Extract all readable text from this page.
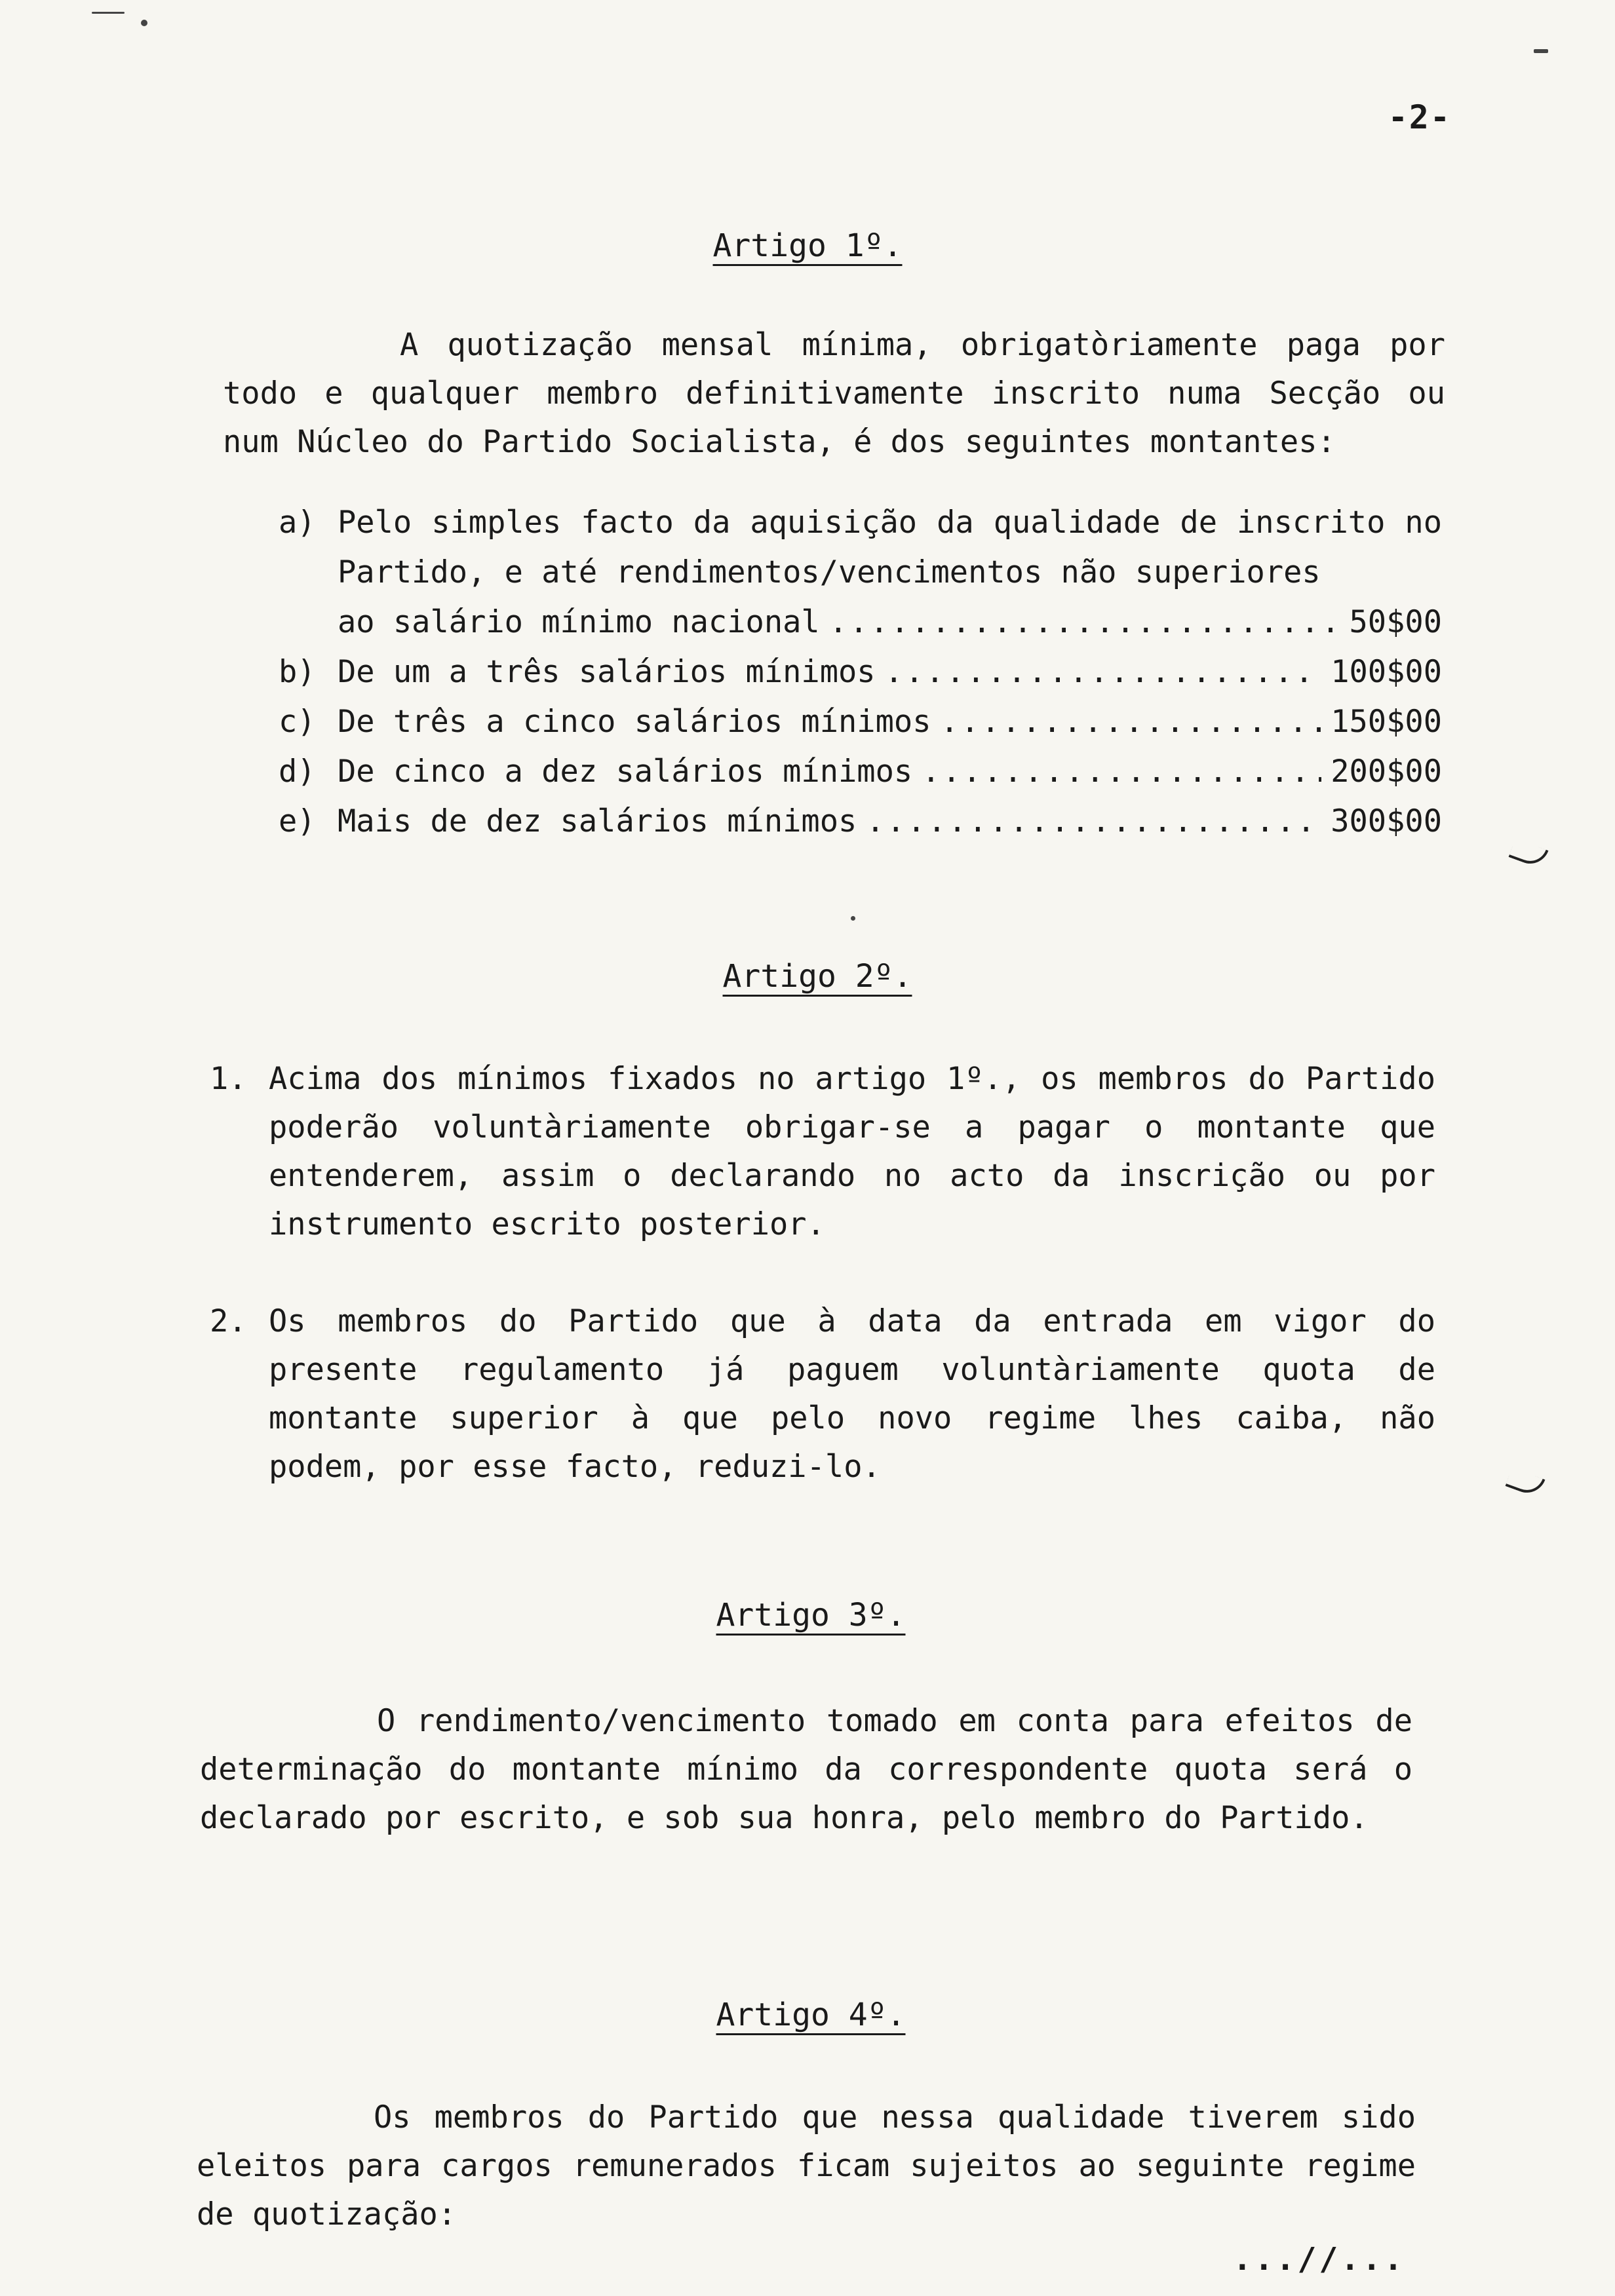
-2-
Artigo 1º.
A quotização mensal mínima, obrigatòriamente paga por todo e qualquer membro definitivamente inscrito numa Secção ou num Núcleo do Partido Socialista, é dos seguintes montantes:
a) Pelo simples facto da aquisição da qualidade de inscrito no Partido, e até rendimentos/vencimentos não superiores
ao salário mínimo nacional .....	50$00
b) De um a três salários mínimos .....	100$00
c) De três a cinco salários mínimos .....	150$00
d) De cinco a dez salários mínimos .....	200$00
e) Mais de dez salários mínimos .....	300$00
Artigo 2º.
1. Acima dos mínimos fixados no artigo 1º., os membros do Partido poderão voluntàriamente obrigar-se a pagar o montante que entenderem, assim o declarando no acto da inscrição ou por instrumento escrito posterior.
2. Os membros do Partido que à data da entrada em vigor do presente regulamento já paguem voluntàriamente quota de montante superior à que pelo novo regime lhes caiba, não podem, por esse facto, reduzi-lo.
Artigo 3º.
O rendimento/vencimento tomado em conta para efeitos de determinação do montante mínimo da correspondente quota será o declarado por escrito, e sob sua honra, pelo membro do Partido.
Artigo 4º.
Os membros do Partido que nessa qualidade tiverem sido eleitos para cargos remunerados ficam sujeitos ao seguinte regime de quotização:
...//...
